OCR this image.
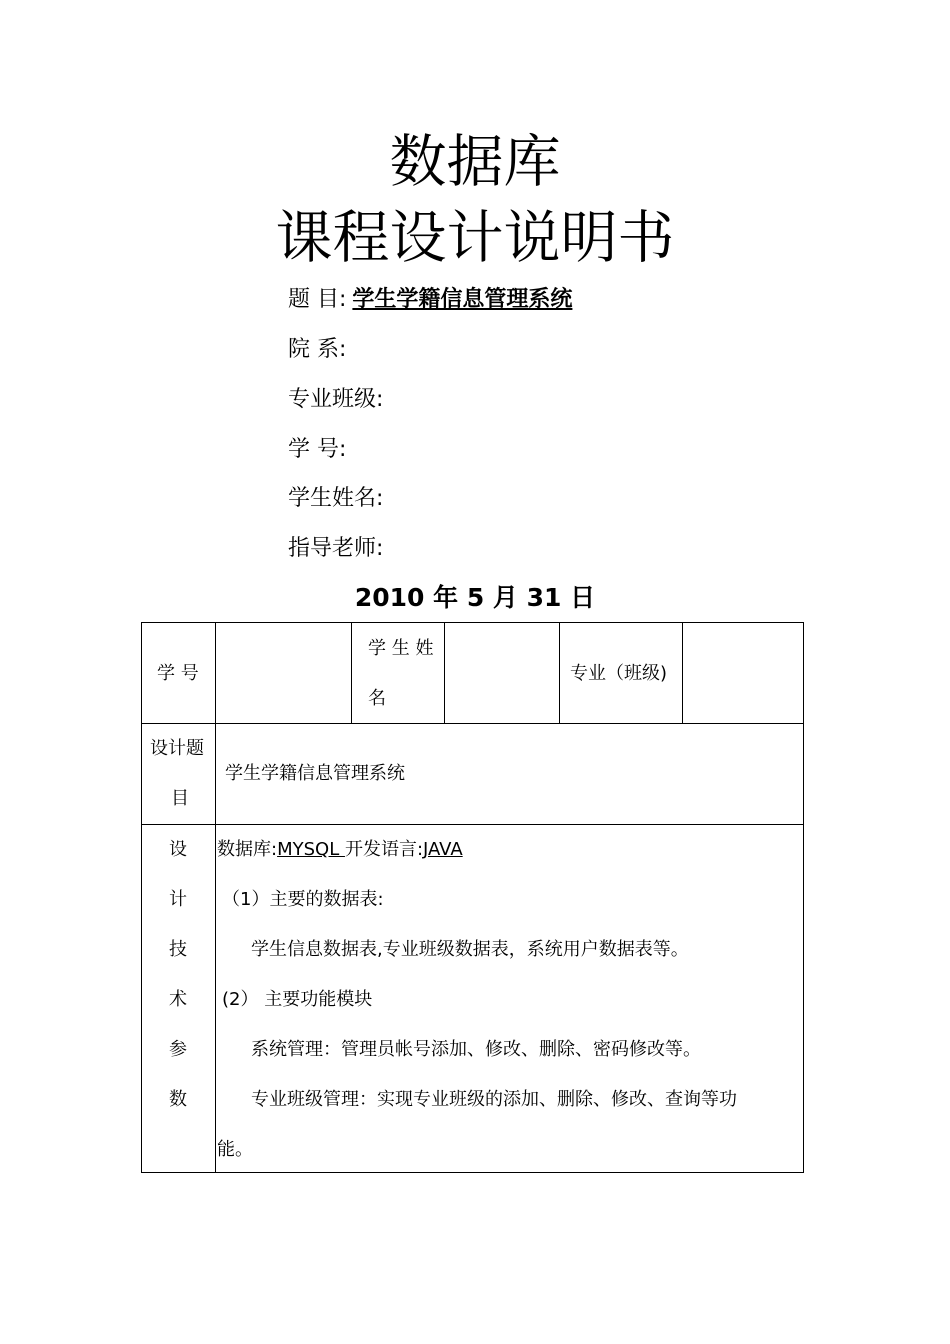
数据库
课程设计说明书
题 目: 学生学籍信息管理系统
院 系:
专业班级:
学 号:
学生姓名:
指导老师:
2010 年 5 月 31 日
学 号
学 生 姓
名
专业（班级)
设计题
目
学生学籍信息管理系统
设
计
技
术
参
数
数据库:MYSQL 开发语言:JAVA
（1）主要的数据表:
学生信息数据表,专业班级数据表，系统用户数据表等。
(2） 主要功能模块
系统管理：管理员帐号添加、修改、删除、密码修改等。
专业班级管理：实现专业班级的添加、删除、修改、查询等功
能。
